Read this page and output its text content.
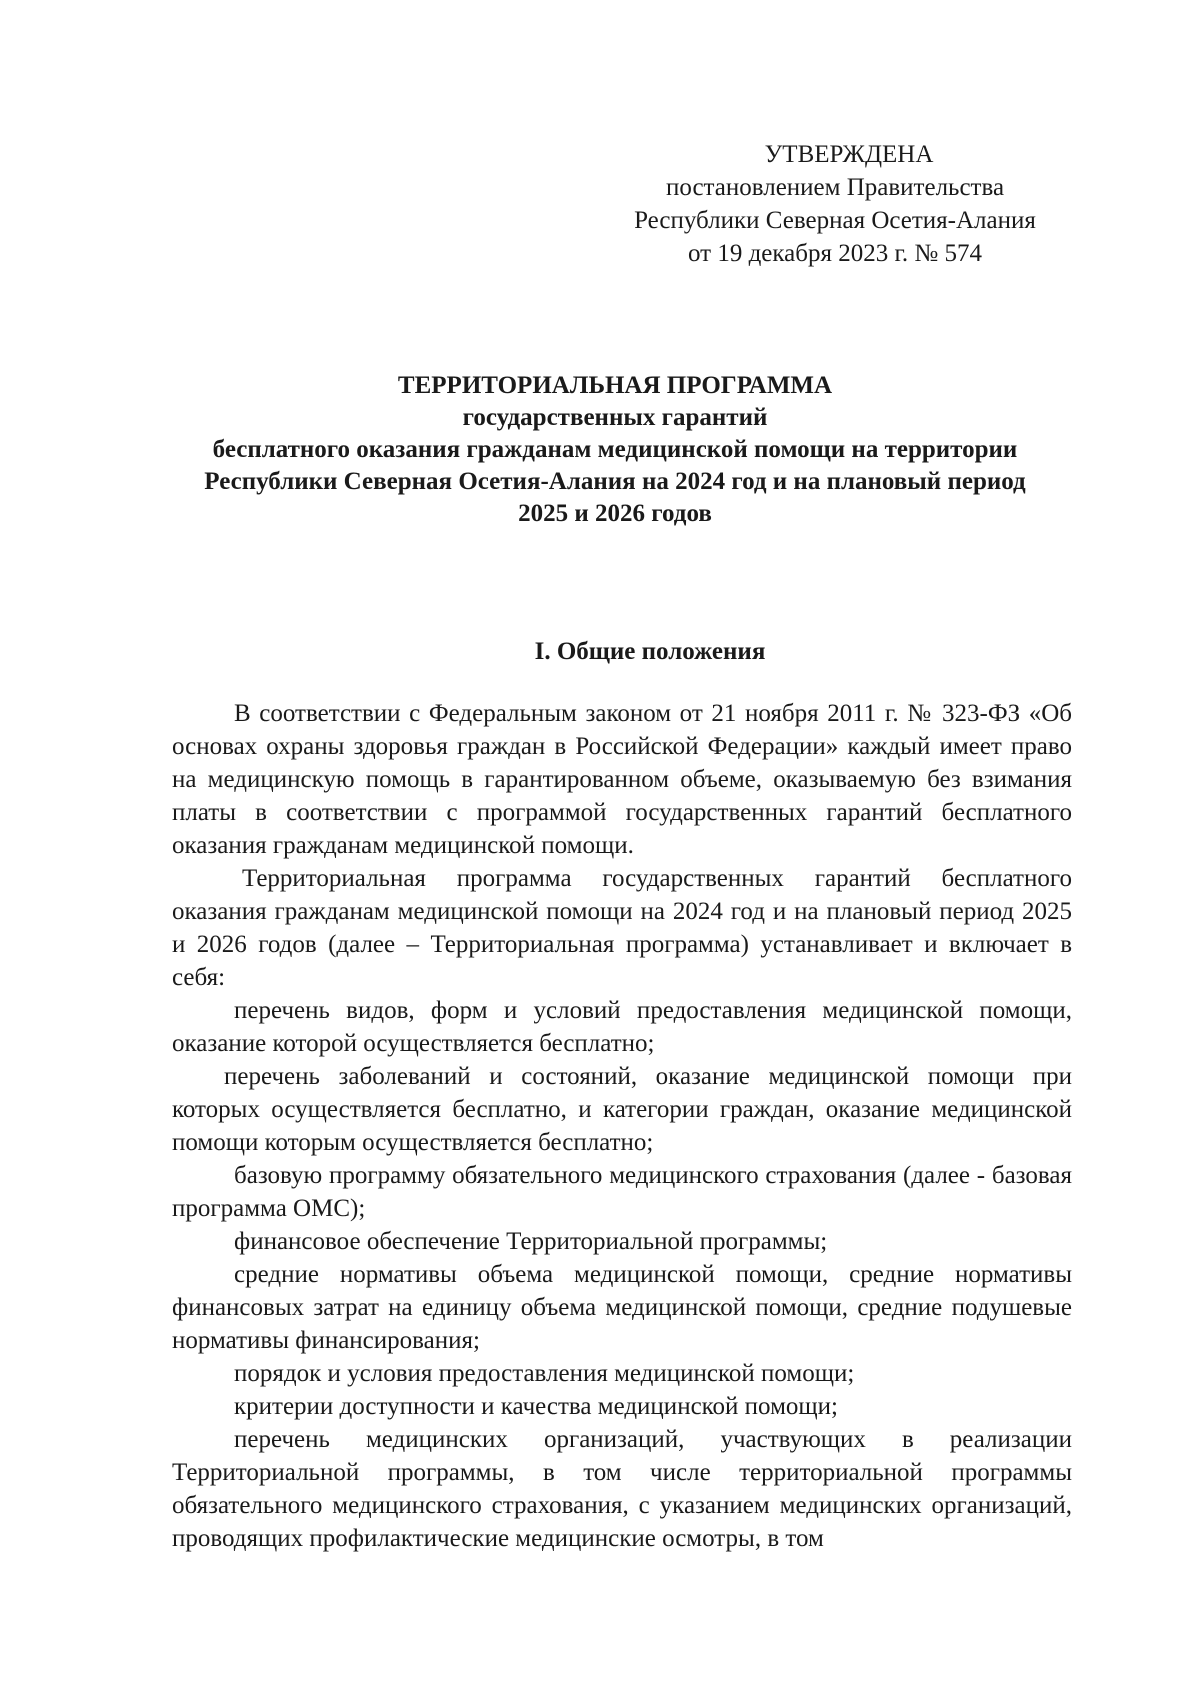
УТВЕРЖДЕНА
постановлением Правительства
Республики Северная Осетия-Алания
от 19 декабря 2023 г. № 574
ТЕРРИТОРИАЛЬНАЯ ПРОГРАММА
государственных гарантий
бесплатного оказания гражданам медицинской помощи на территории
Республики Северная Осетия-Алания на 2024 год и на плановый период
2025 и 2026 годов
I. Общие положения

В соответствии с Федеральным законом от 21 ноября 2011 г. № 323-ФЗ «Об основах охраны здоровья граждан в Российской Федерации» каждый имеет право на медицинскую помощь в гарантированном объеме, оказываемую без взимания платы в соответствии с программой государственных гарантий бесплатного оказания гражданам медицинской помощи.

Территориальная программа государственных гарантий бесплатного оказания гражданам медицинской помощи на 2024 год и на плановый период 2025 и 2026 годов (далее – Территориальная программа) устанавливает и включает в себя:

перечень видов, форм и условий предоставления медицинской помощи, оказание которой осуществляется бесплатно;

перечень заболеваний и состояний, оказание медицинской помощи при которых осуществляется бесплатно, и категории граждан, оказание медицинской помощи которым осуществляется бесплатно;

базовую программу обязательного медицинского страхования (далее - базовая программа ОМС);

финансовое обеспечение Территориальной программы;

средние нормативы объема медицинской помощи, средние нормативы финансовых затрат на единицу объема медицинской помощи, средние подушевые нормативы финансирования;

порядок и условия предоставления медицинской помощи;

критерии доступности и качества медицинской помощи;

перечень медицинских организаций, участвующих в реализации Территориальной программы, в том числе территориальной программы обязательного медицинского страхования, с указанием медицинских организаций, проводящих профилактические медицинские осмотры, в том
